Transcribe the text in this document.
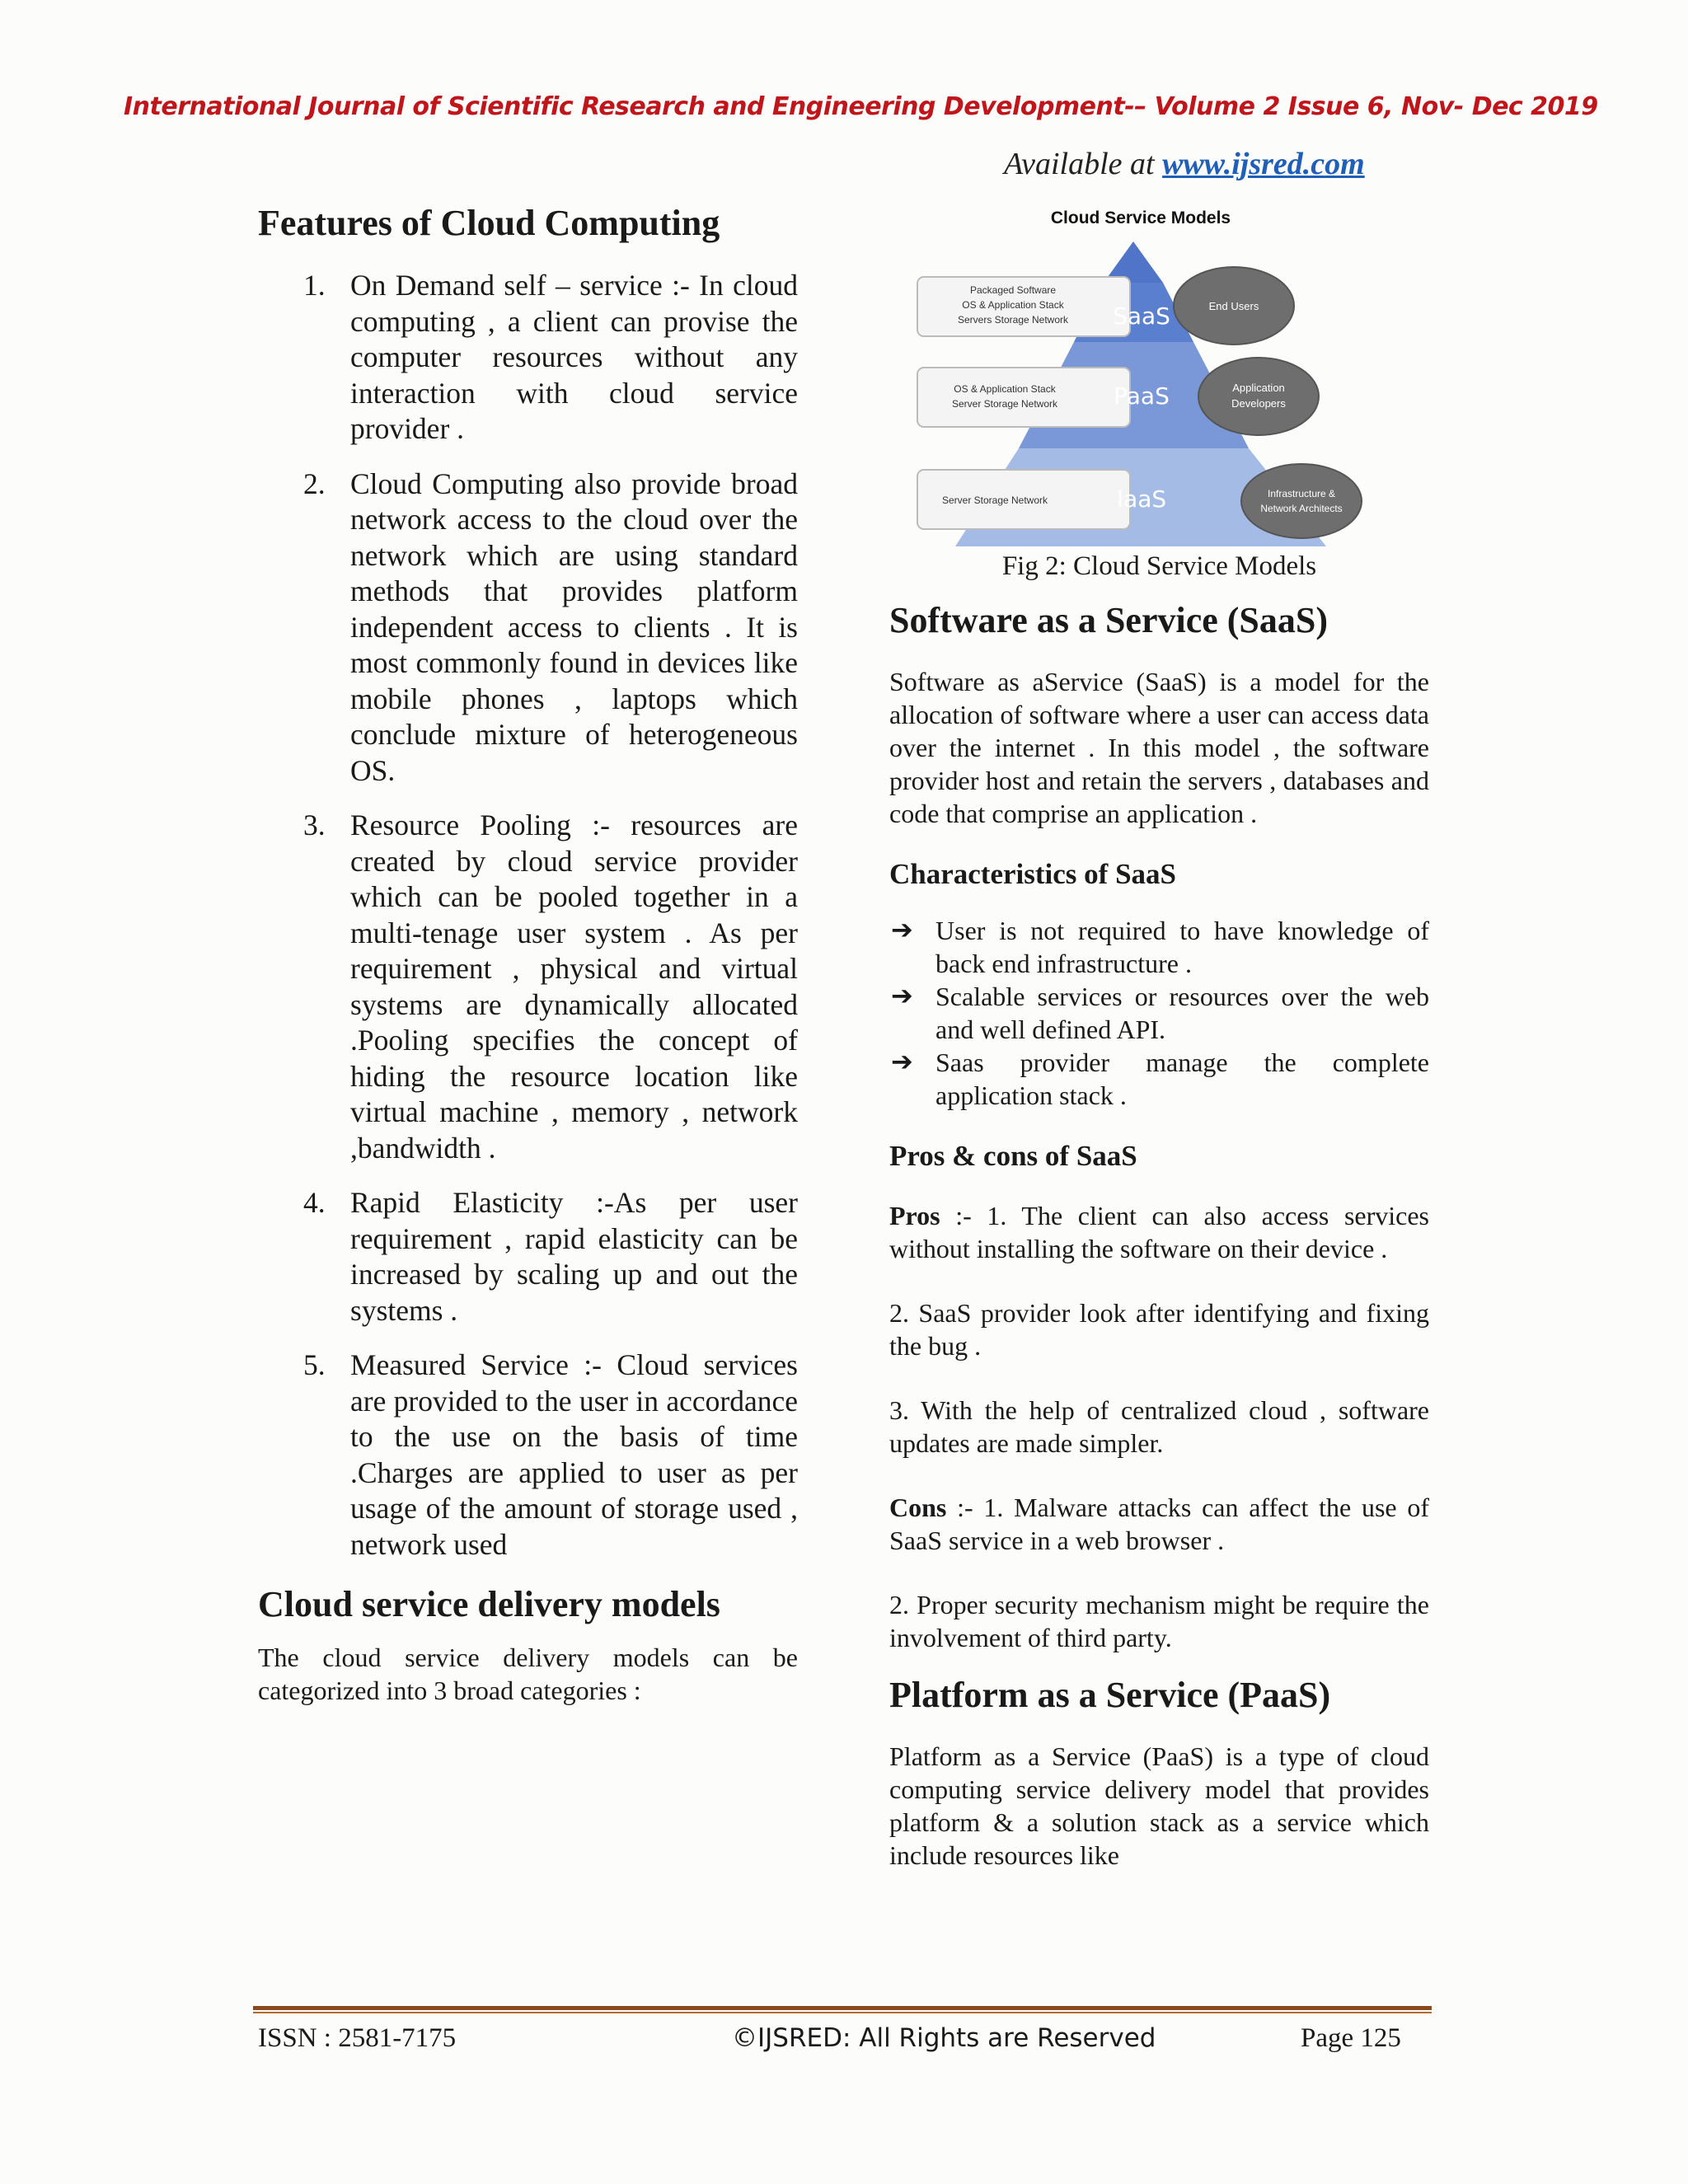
International Journal of Scientific Research and Engineering Development-– Volume 2 Issue 6, Nov- Dec 2019
Available at www.ijsred.com
Features of Cloud Computing
1. On Demand self – service :- In cloud computing , a client can provise the computer resources without any interaction with cloud service provider .
2. Cloud Computing also provide broad network access to the cloud over the network which are using standard methods that provides platform independent access to clients . It is most commonly found in devices like mobile phones , laptops which conclude mixture of heterogeneous OS.
3. Resource Pooling :- resources are created by cloud service provider which can be pooled together in a multi-tenage user system . As per requirement , physical and virtual systems are dynamically allocated .Pooling specifies the concept of hiding the resource location like virtual machine , memory , network ,bandwidth .
4. Rapid Elasticity :-As per user requirement , rapid elasticity can be increased by scaling up and out the systems .
5. Measured Service :- Cloud services are provided to the user in accordance to the use on the basis of time .Charges are applied to user as per usage of the amount of storage used , network used
Cloud service delivery models

The cloud service delivery models can be categorized into 3 broad categories :

Cloud Service Models
Packaged Software
OS & Application Stack
Servers Storage Network
OS & Application Stack
Server Storage Network
Server Storage Network
SaaS
PaaS
IaaS
End Users
Application
Developers
Infrastructure &
Network Architects
Fig 2: Cloud Service Models
Software as a Service (SaaS)

Software as aService (SaaS) is a model for the allocation of software where a user can access data over the internet . In this model , the software provider host and retain the servers , databases and code that comprise an application .

Characteristics of SaaS
➔ User is not required to have knowledge of back end infrastructure .
➔ Scalable services or resources over the web and well defined API.
➔ Saas provider manage the complete application stack .
Pros & cons of SaaS

Pros :- 1. The client can also access services without installing the software on their device .

2. SaaS provider look after identifying and fixing the bug .

3. With the help of centralized cloud , software updates are made simpler.

Cons :- 1. Malware attacks can affect the use of SaaS service in a web browser .

2. Proper security mechanism might be require the involvement of third party.

Platform as a Service (PaaS)

Platform as a Service (PaaS) is a type of cloud computing service delivery model that provides platform & a solution stack as a service which include resources like

ISSN : 2581-7175	©IJSRED: All Rights are Reserved	Page 125
